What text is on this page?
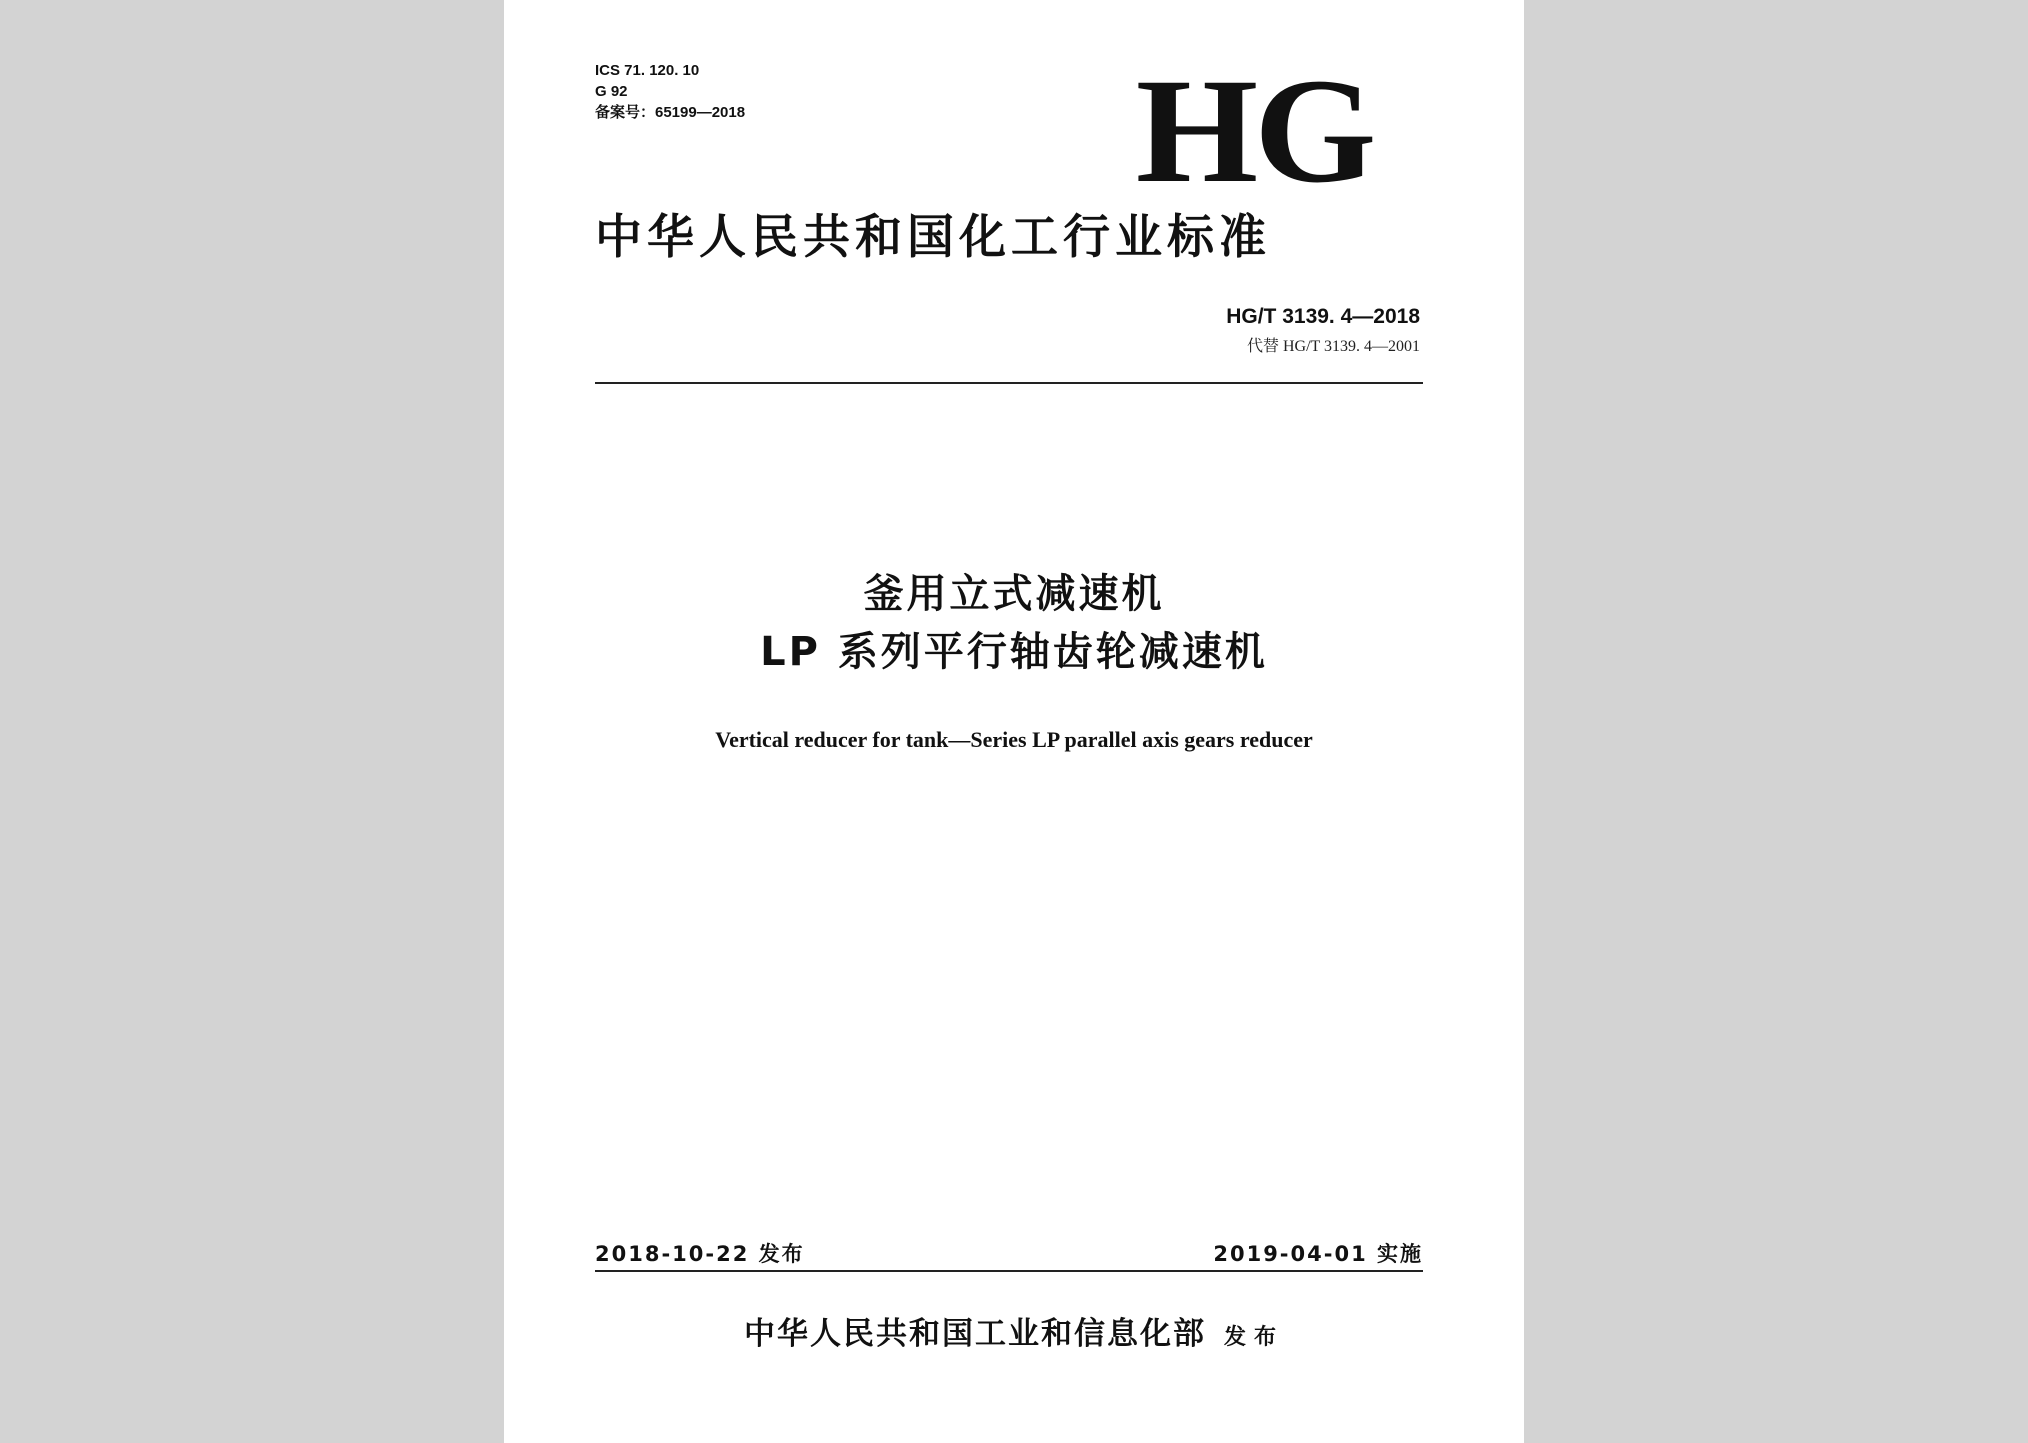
ICS 71. 120. 10
G 92
备案号：65199—2018	HG
中华人民共和国化工行业标准
HG/T 3139. 4—2018
代替 HG/T 3139. 4—2001
釜用立式减速机
LP 系列平行轴齿轮减速机
Vertical reducer for tank—Series LP parallel axis gears reducer
2018-10-22 发布	2019-04-01 实施
中华人民共和国工业和信息化部 发布
